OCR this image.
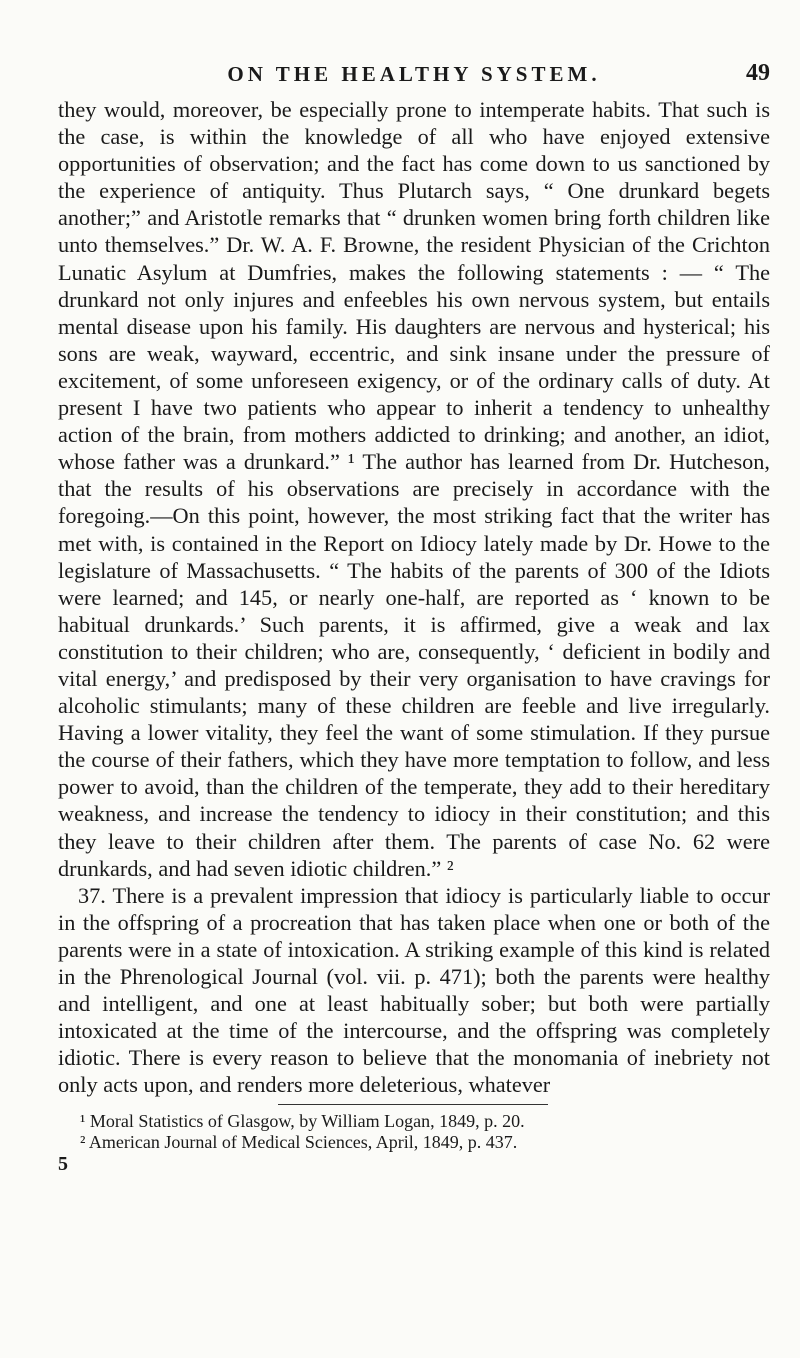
ON THE HEALTHY SYSTEM.	49

they would, moreover, be especially prone to intemperate habits. That such is the case, is within the knowledge of all who have enjoyed extensive opportunities of observation; and the fact has come down to us sanctioned by the experience of antiquity. Thus Plutarch says, “ One drunkard begets another;” and Aristotle remarks that “ drunken women bring forth children like unto themselves.” Dr. W. A. F. Browne, the resident Physician of the Crichton Lunatic Asylum at Dumfries, makes the following statements : — “ The drunkard not only injures and enfeebles his own nervous system, but entails mental disease upon his family. His daughters are nervous and hysterical; his sons are weak, wayward, eccentric, and sink insane under the pressure of excitement, of some unforeseen exigency, or of the ordinary calls of duty. At present I have two patients who appear to inherit a tendency to unhealthy action of the brain, from mothers addicted to drinking; and another, an idiot, whose father was a drunkard.” ¹ The author has learned from Dr. Hutcheson, that the results of his observations are precisely in accordance with the foregoing.—On this point, however, the most striking fact that the writer has met with, is contained in the Report on Idiocy lately made by Dr. Howe to the legislature of Massachusetts. “ The habits of the parents of 300 of the Idiots were learned; and 145, or nearly one-half, are reported as ‘ known to be habitual drunkards.’ Such parents, it is affirmed, give a weak and lax constitution to their children; who are, consequently, ‘ deficient in bodily and vital energy,’ and predisposed by their very organisation to have cravings for alcoholic stimulants; many of these children are feeble and live irregularly. Having a lower vitality, they feel the want of some stimulation. If they pursue the course of their fathers, which they have more temptation to follow, and less power to avoid, than the children of the temperate, they add to their hereditary weakness, and increase the tendency to idiocy in their constitution; and this they leave to their children after them. The parents of case No. 62 were drunkards, and had seven idiotic children.” ²

37. There is a prevalent impression that idiocy is particularly liable to occur in the offspring of a procreation that has taken place when one or both of the parents were in a state of intoxication. A striking example of this kind is related in the Phrenological Journal (vol. vii. p. 471); both the parents were healthy and intelligent, and one at least habitually sober; but both were partially intoxicated at the time of the intercourse, and the offspring was completely idiotic. There is every reason to believe that the monomania of inebriety not only acts upon, and renders more deleterious, whatever

¹ Moral Statistics of Glasgow, by William Logan, 1849, p. 20.

² American Journal of Medical Sciences, April, 1849, p. 437.

5
